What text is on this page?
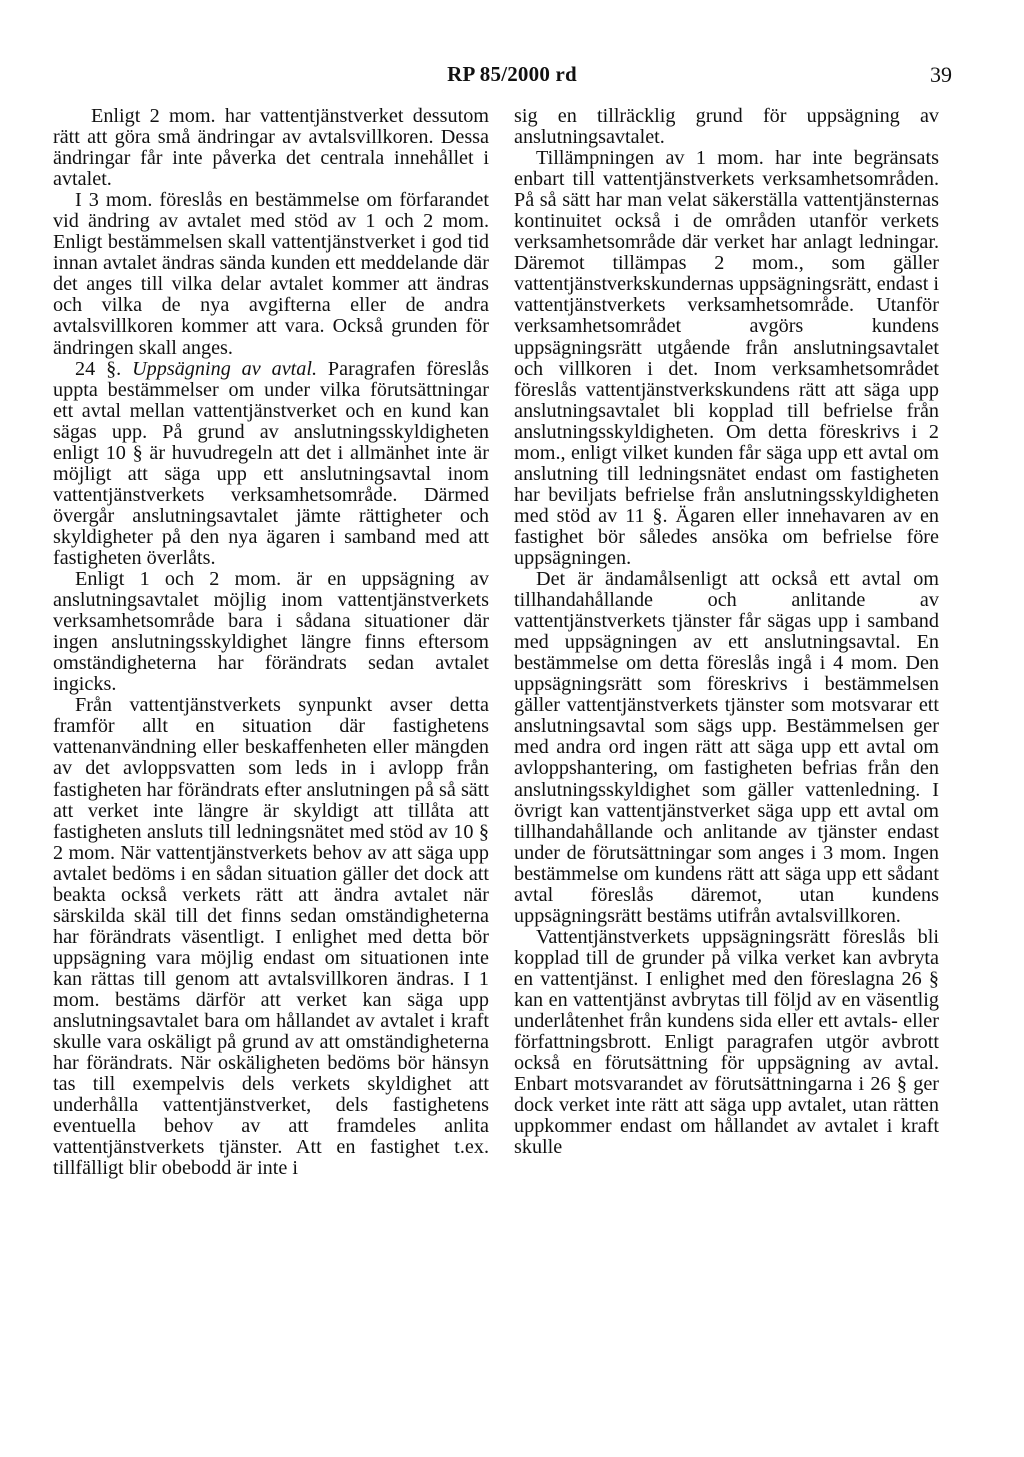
RP 85/2000 rd	39

Enligt 2 mom. har vattentjänstverket dessutom rätt att göra små ändringar av avtalsvillkoren. Dessa ändringar får inte påverka det centrala innehållet i avtalet.

I 3 mom. föreslås en bestämmelse om förfarandet vid ändring av avtalet med stöd av 1 och 2 mom. Enligt bestämmelsen skall vattentjänstverket i god tid innan avtalet ändras sända kunden ett meddelande där det anges till vilka delar avtalet kommer att ändras och vilka de nya avgifterna eller de andra avtalsvillkoren kommer att vara. Också grunden för ändringen skall anges.

24 §. Uppsägning av avtal. Paragrafen föreslås uppta bestämmelser om under vilka förutsättningar ett avtal mellan vattentjänstverket och en kund kan sägas upp. På grund av anslutningsskyldigheten enligt 10 § är huvudregeln att det i allmänhet inte är möjligt att säga upp ett anslutningsavtal inom vattentjänstverkets verksamhetsområde. Därmed övergår anslutningsavtalet jämte rättigheter och skyldigheter på den nya ägaren i samband med att fastigheten överlåts.

Enligt 1 och 2 mom. är en uppsägning av anslutningsavtalet möjlig inom vattentjänstverkets verksamhetsområde bara i sådana situationer där ingen anslutningsskyldighet längre finns eftersom omständigheterna har förändrats sedan avtalet ingicks.

Från vattentjänstverkets synpunkt avser detta framför allt en situation där fastighetens vattenanvändning eller beskaffenheten eller mängden av det avloppsvatten som leds in i avlopp från fastigheten har förändrats efter anslutningen på så sätt att verket inte längre är skyldigt att tillåta att fastigheten ansluts till ledningsnätet med stöd av 10 § 2 mom. När vattentjänstverkets behov av att säga upp avtalet bedöms i en sådan situation gäller det dock att beakta också verkets rätt att ändra avtalet när särskilda skäl till det finns sedan omständigheterna har förändrats väsentligt. I enlighet med detta bör uppsägning vara möjlig endast om situationen inte kan rättas till genom att avtalsvillkoren ändras. I 1 mom. bestäms därför att verket kan säga upp anslutningsavtalet bara om hållandet av avtalet i kraft skulle vara oskäligt på grund av att omständigheterna har förändrats. När oskäligheten bedöms bör hänsyn tas till exempelvis dels verkets skyldighet att underhålla vattentjänstverket, dels fastighetens eventuella behov av att framdeles anlita vattentjänstverkets tjänster. Att en fastighet t.ex. tillfälligt blir obebodd är inte i

sig en tillräcklig grund för uppsägning av anslutningsavtalet.

Tillämpningen av 1 mom. har inte begränsats enbart till vattentjänstverkets verksamhetsområden. På så sätt har man velat säkerställa vattentjänsternas kontinuitet också i de områden utanför verkets verksamhetsområde där verket har anlagt ledningar. Däremot tillämpas 2 mom., som gäller vattentjänstverkskundernas uppsägningsrätt, endast i vattentjänstverkets verksamhetsområde. Utanför verksamhetsområdet avgörs kundens uppsägningsrätt utgående från anslutningsavtalet och villkoren i det. Inom verksamhetsområdet föreslås vattentjänstverkskundens rätt att säga upp anslutningsavtalet bli kopplad till befrielse från anslutningsskyldigheten. Om detta föreskrivs i 2 mom., enligt vilket kunden får säga upp ett avtal om anslutning till ledningsnätet endast om fastigheten har beviljats befrielse från anslutningsskyldigheten med stöd av 11 §. Ägaren eller innehavaren av en fastighet bör således ansöka om befrielse före uppsägningen.

Det är ändamålsenligt att också ett avtal om tillhandahållande och anlitande av vattentjänstverkets tjänster får sägas upp i samband med uppsägningen av ett anslutningsavtal. En bestämmelse om detta föreslås ingå i 4 mom. Den uppsägningsrätt som föreskrivs i bestämmelsen gäller vattentjänstverkets tjänster som motsvarar ett anslutningsavtal som sägs upp. Bestämmelsen ger med andra ord ingen rätt att säga upp ett avtal om avloppshantering, om fastigheten befrias från den anslutningsskyldighet som gäller vattenledning. I övrigt kan vattentjänstverket säga upp ett avtal om tillhandahållande och anlitande av tjänster endast under de förutsättningar som anges i 3 mom. Ingen bestämmelse om kundens rätt att säga upp ett sådant avtal föreslås däremot, utan kundens uppsägningsrätt bestäms utifrån avtalsvillkoren.

Vattentjänstverkets uppsägningsrätt föreslås bli kopplad till de grunder på vilka verket kan avbryta en vattentjänst. I enlighet med den föreslagna 26 § kan en vattentjänst avbrytas till följd av en väsentlig underlåtenhet från kundens sida eller ett avtals- eller författningsbrott. Enligt paragrafen utgör avbrott också en förutsättning för uppsägning av avtal. Enbart motsvarandet av förutsättningarna i 26 § ger dock verket inte rätt att säga upp avtalet, utan rätten uppkommer endast om hållandet av avtalet i kraft skulle
